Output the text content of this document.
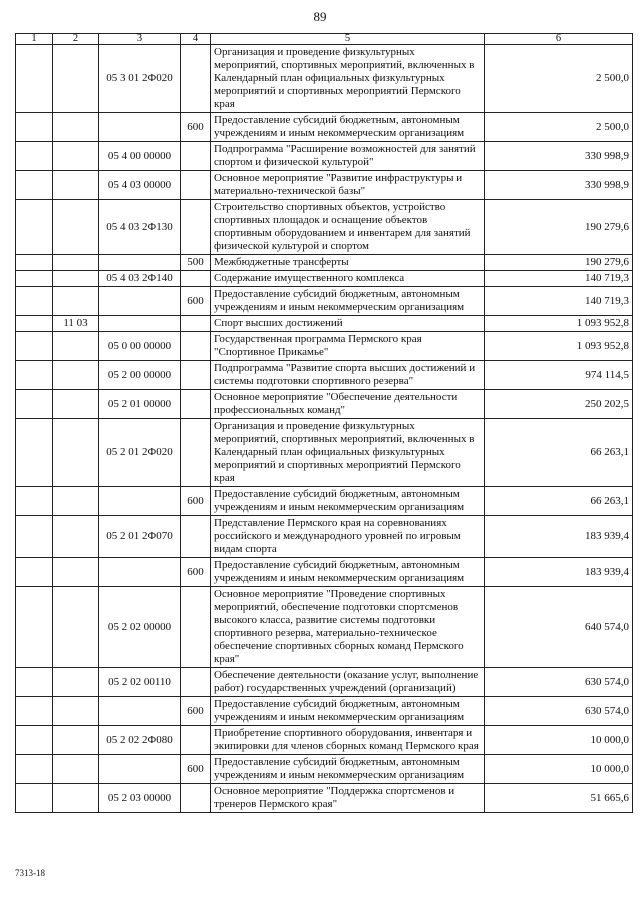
89
1	2	3	4	5	6
		05 3 01 2Ф020		Организация и проведение физкультурных мероприятий, спортивных мероприятий, включенных в Календарный план официальных физкультурных мероприятий и спортивных мероприятий Пермского края	2 500,0
			600	Предоставление субсидий бюджетным, автономным учреждениям и иным некоммерческим организациям	2 500,0
		05 4 00 00000		Подпрограмма "Расширение возможностей для занятий спортом и физической культурой"	330 998,9
		05 4 03 00000		Основное мероприятие "Развитие инфраструктуры и материально-технической базы"	330 998,9
		05 4 03 2Ф130		Строительство спортивных объектов, устройство спортивных площадок и оснащение объектов спортивным оборудованием и инвентарем для занятий физической культурой и спортом	190 279,6
			500	Межбюджетные трансферты	190 279,6
		05 4 03 2Ф140		Содержание имущественного комплекса	140 719,3
			600	Предоставление субсидий бюджетным, автономным учреждениям и иным некоммерческим организациям	140 719,3
	11 03			Спорт высших достижений	1 093 952,8
		05 0 00 00000		Государственная программа Пермского края "Спортивное Прикамье"	1 093 952,8
		05 2 00 00000		Подпрограмма "Развитие спорта высших достижений и системы подготовки спортивного резерва"	974 114,5
		05 2 01 00000		Основное мероприятие "Обеспечение деятельности профессиональных команд"	250 202,5
		05 2 01 2Ф020		Организация и проведение физкультурных мероприятий, спортивных мероприятий, включенных в Календарный план официальных физкультурных мероприятий и спортивных мероприятий Пермского края	66 263,1
			600	Предоставление субсидий бюджетным, автономным учреждениям и иным некоммерческим организациям	66 263,1
		05 2 01 2Ф070		Представление Пермского края на соревнованиях российского и международного уровней по игровым видам спорта	183 939,4
			600	Предоставление субсидий бюджетным, автономным учреждениям и иным некоммерческим организациям	183 939,4
		05 2 02 00000		Основное мероприятие "Проведение спортивных мероприятий, обеспечение подготовки спортсменов высокого класса, развитие системы подготовки спортивного резерва, материально-техническое обеспечение спортивных сборных команд Пермского края"	640 574,0
		05 2 02 00110		Обеспечение деятельности (оказание услуг, выполнение работ) государственных учреждений (организаций)	630 574,0
			600	Предоставление субсидий бюджетным, автономным учреждениям и иным некоммерческим организациям	630 574,0
		05 2 02 2Ф080		Приобретение спортивного оборудования, инвентаря и экипировки для членов сборных команд Пермского края	10 000,0
			600	Предоставление субсидий бюджетным, автономным учреждениям и иным некоммерческим организациям	10 000,0
		05 2 03 00000		Основное мероприятие "Поддержка спортсменов и тренеров Пермского края"	51 665,6
7313-18
